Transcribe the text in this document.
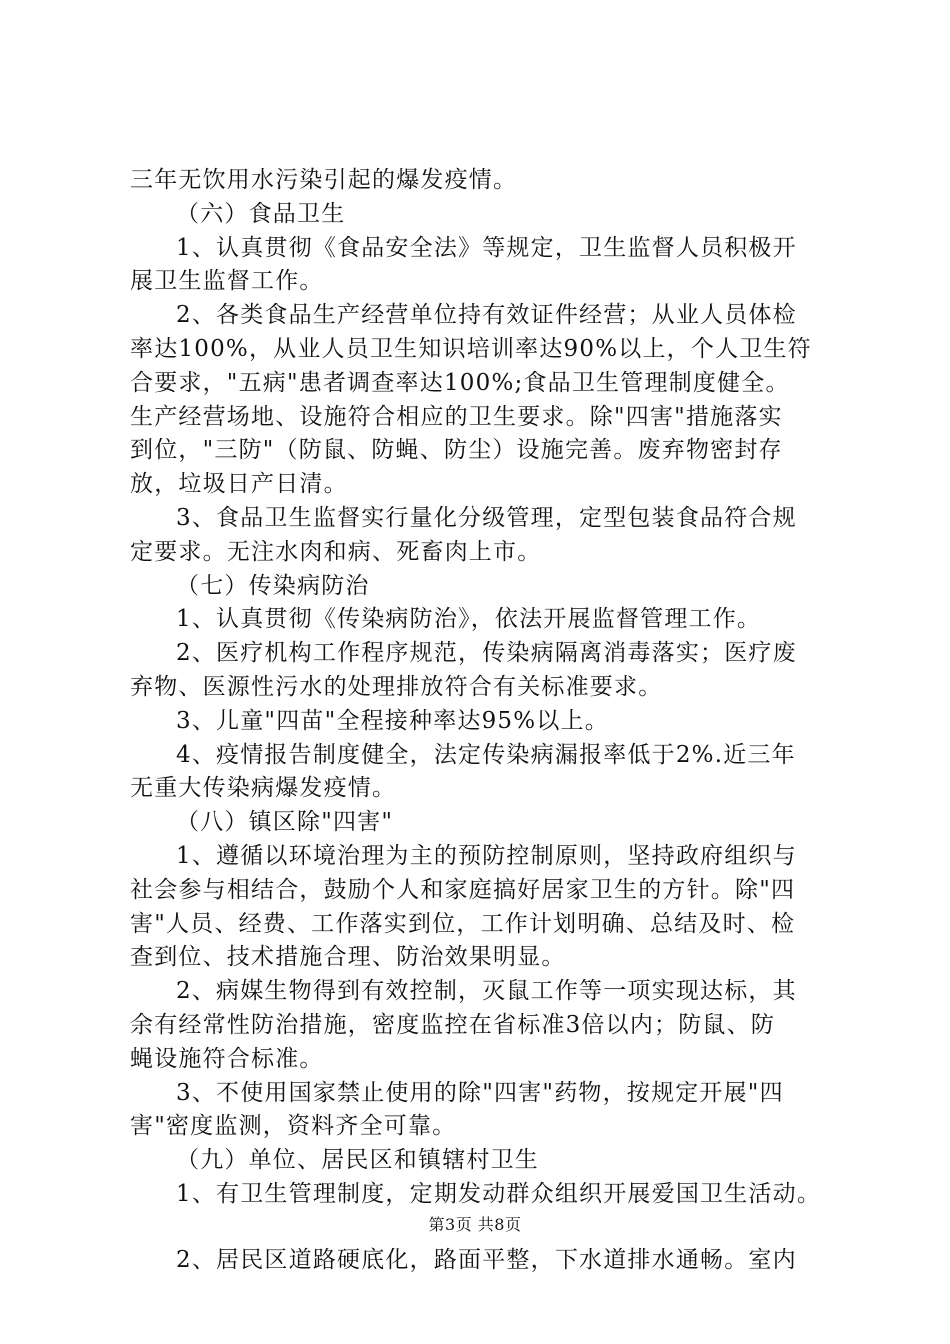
三年无饮用水污染引起的爆发疫情。
（六）食品卫生
1、认真贯彻《食品安全法》等规定，卫生监督人员积极开
展卫生监督工作。
2、各类食品生产经营单位持有效证件经营；从业人员体检
率达100%，从业人员卫生知识培训率达90%以上，个人卫生符
合要求，"五病"患者调查率达100%;食品卫生管理制度健全。
生产经营场地、设施符合相应的卫生要求。除"四害"措施落实
到位，"三防"（防鼠、防蝇、防尘）设施完善。废弃物密封存
放，垃圾日产日清。
3、食品卫生监督实行量化分级管理，定型包装食品符合规
定要求。无注水肉和病、死畜肉上市。
（七）传染病防治
1、认真贯彻《传染病防治》，依法开展监督管理工作。
2、医疗机构工作程序规范，传染病隔离消毒落实；医疗废
弃物、医源性污水的处理排放符合有关标准要求。
3、儿童"四苗"全程接种率达95%以上。
4、疫情报告制度健全，法定传染病漏报率低于2%.近三年
无重大传染病爆发疫情。
（八）镇区除"四害"
1、遵循以环境治理为主的预防控制原则，坚持政府组织与
社会参与相结合，鼓励个人和家庭搞好居家卫生的方针。除"四
害"人员、经费、工作落实到位，工作计划明确、总结及时、检
查到位、技术措施合理、防治效果明显。
2、病媒生物得到有效控制，灭鼠工作等一项实现达标，其
余有经常性防治措施，密度监控在省标准3倍以内；防鼠、防
蝇设施符合标准。
3、不使用国家禁止使用的除"四害"药物，按规定开展"四
害"密度监测，资料齐全可靠。
（九）单位、居民区和镇辖村卫生
1、有卫生管理制度，定期发动群众组织开展爱国卫生活动。
2、居民区道路硬底化，路面平整，下水道排水通畅。室内
第3页 共8页
